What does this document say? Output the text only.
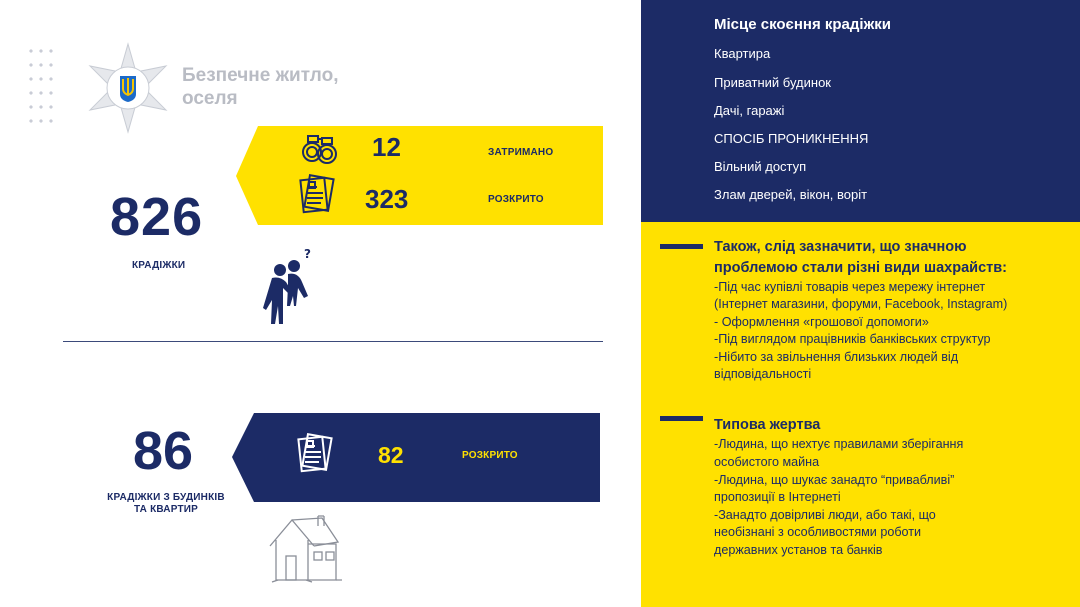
Безпечне житло,
оселя
12	ЗАТРИМАНО
323	РОЗКРИТО
826
КРАДІЖКИ
?
82	РОЗКРИТО
86
КРАДІЖКИ З БУДИНКІВ
ТА КВАРТИР
Місце скоєння крадіжки
Квартира
Приватний будинок
Дачі, гаражі
СПОСІБ ПРОНИКНЕННЯ
Вільний доступ
Злам дверей, вікон, воріт
Також, слід зазначити, що значною
проблемою стали різні види шахрайств:
-Під час купівлі товарів через мережу інтернет
(Інтернет магазини, форуми, Facebook, Instagram)
- Оформлення «грошової допомоги»
-Під виглядом працівників банківських структур
-Нібито за звільнення близьких людей від
відповідальності
Типова жертва
-Людина, що нехтує правилами зберігання
особистого майна
-Людина, що шукає занадто “привабливі”
пропозиції в Інтернеті
-Занадто довірливі люди, або такі, що
необізнані з особливостями роботи
державних установ та банків
